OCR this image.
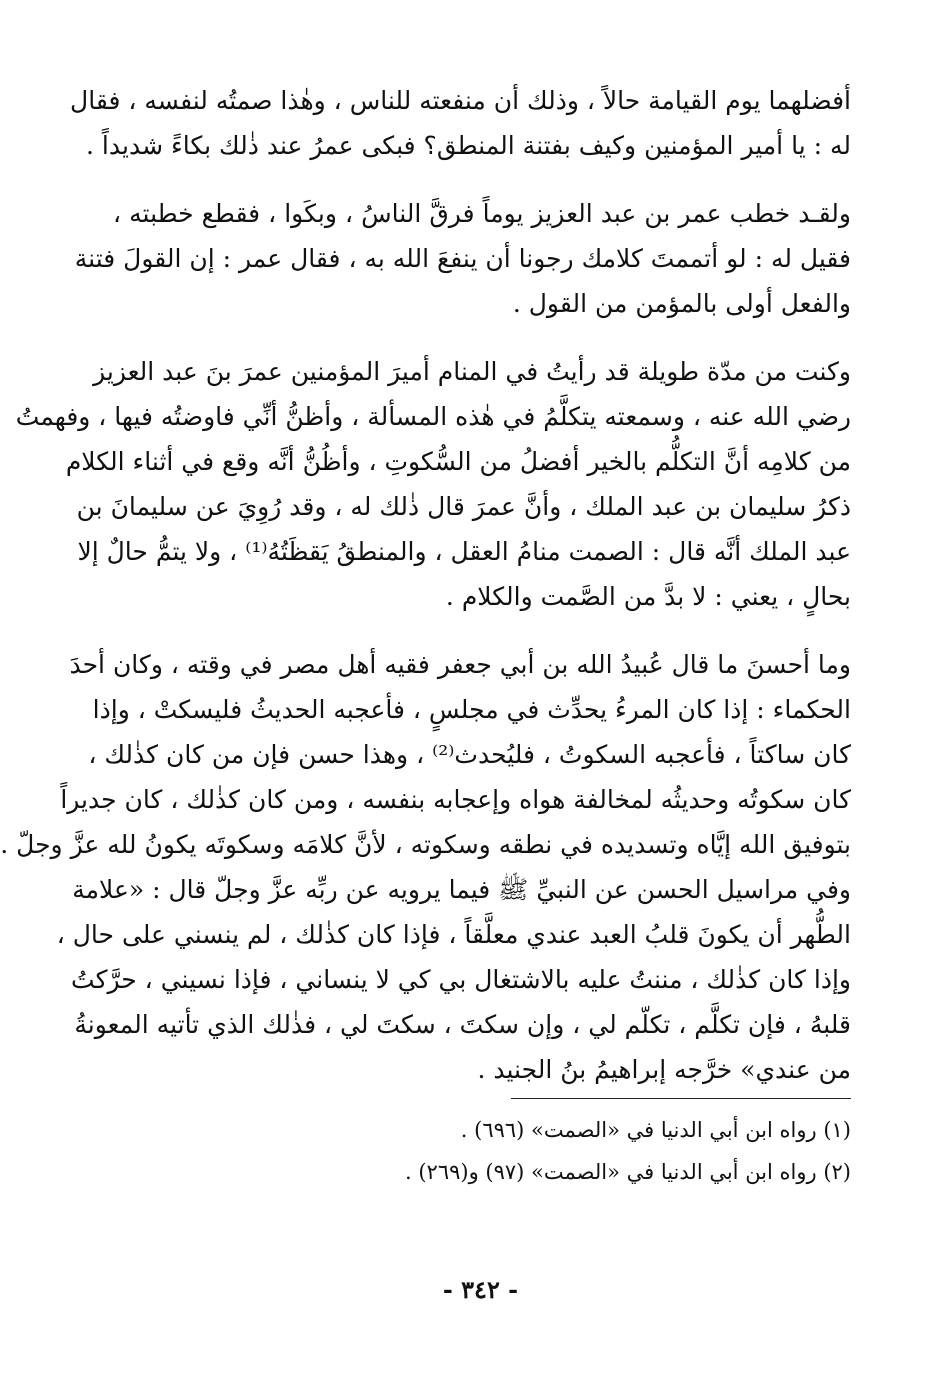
أفضلهما يوم القيامة حالاً ، وذلك أن منفعته للناس ، وهٰذا صمتُه لنفسه ، فقال
له : يا أمير المؤمنين وكيف بفتنة المنطق؟ فبكى عمرُ عند ذٰلك بكاءً شديداً .
ولقـد خطب عمر بن عبد العزيز يوماً فرقَّ الناسُ ، وبكَوا ، فقطع خطبته ،
فقيل له : لو أتممتَ كلامك رجونا أن ينفعَ الله به ، فقال عمر : إن القولَ فتنة
والفعل أولى بالمؤمن من القول .
وكنت من مدّة طويلة قد رأيتُ في المنام أميرَ المؤمنين عمرَ بنَ عبد العزيز
رضي الله عنه ، وسمعته يتكلَّمُ في هٰذه المسألة ، وأظنُّ أنِّي فاوضتُه فيها ، وفهمتُ
من كلامِه أنَّ التكلُّم بالخير أفضلُ من السُّكوتِ ، وأظُنُّ أنَّه وقع في أثناء الكلام
ذكرُ سليمان بن عبد الملك ، وأنَّ عمرَ قال ذٰلك له ، وقد رُوِيَ عن سليمانَ بن
عبد الملك أنَّه قال : الصمت منامُ العقل ، والمنطقُ يَقظَتُهُ⁽¹⁾ ، ولا يتمُّ حالٌ إلا
بحالٍ ، يعني : لا بدَّ من الصَّمت والكلام .
وما أحسنَ ما قال عُبيدُ الله بن أبي جعفر فقيه أهل مصر في وقته ، وكان أحدَ
الحكماء : إذا كان المرءُ يحدِّث في مجلسٍ ، فأعجبه الحديثُ فليسكتْ ، وإذا
كان ساكتاً ، فأعجبه السكوتُ ، فليُحدث⁽²⁾ ، وهذا حسن فإن من كان كذٰلك ،
كان سكوتُه وحديثُه لمخالفة هواه وإعجابه بنفسه ، ومن كان كذٰلك ، كان جديراً
بتوفيق الله إيَّاه وتسديده في نطقه وسكوته ، لأنَّ كلامَه وسكوتَه يكونُ لله عزَّ وجلّ .
وفي مراسيل الحسن عن النبيِّ ﷺ فيما يرويه عن ربِّه عزَّ وجلّ قال : «علامة
الطُّهر أن يكونَ قلبُ العبد عندي معلَّقاً ، فإذا كان كذٰلك ، لم ينسني على حال ،
وإذا كان كذٰلك ، مننتُ عليه بالاشتغال بي كي لا ينساني ، فإذا نسيني ، حرَّكتُ
قلبهُ ، فإن تكلَّم ، تكلّم لي ، وإن سكتَ ، سكتَ لي ، فذٰلك الذي تأتيه المعونةُ
من عندي» خرَّجه إبراهيمُ بنُ الجنيد .
(١) رواه ابن أبي الدنيا في «الصمت» (٦٩٦) .
(٢) رواه ابن أبي الدنيا في «الصمت» (٩٧) و(٢٦٩) .
- ٣٤٢ -
